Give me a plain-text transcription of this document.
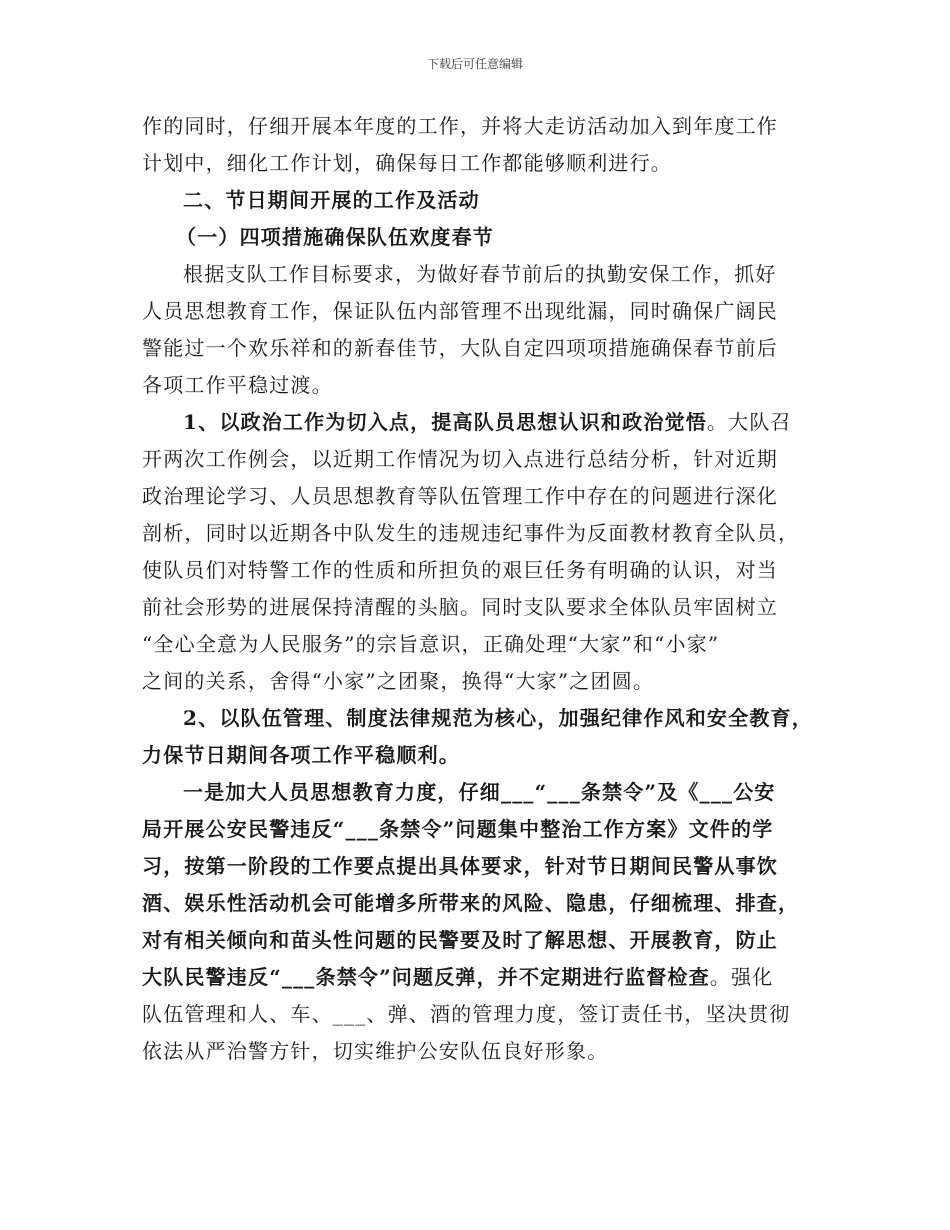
下载后可任意编辑

作的同时，仔细开展本年度的工作，并将大走访活动加入到年度工作
计划中，细化工作计划，确保每日工作都能够顺利进行。

二、节日期间开展的工作及活动

（一）四项措施确保队伍欢度春节

根据支队工作目标要求，为做好春节前后的执勤安保工作，抓好
人员思想教育工作，保证队伍内部管理不出现纰漏，同时确保广阔民
警能过一个欢乐祥和的新春佳节，大队自定四项项措施确保春节前后
各项工作平稳过渡。

1、以政治工作为切入点，提高队员思想认识和政治觉悟。大队召
开两次工作例会，以近期工作情况为切入点进行总结分析，针对近期
政治理论学习、人员思想教育等队伍管理工作中存在的问题进行深化
剖析，同时以近期各中队发生的违规违纪事件为反面教材教育全队员，
使队员们对特警工作的性质和所担负的艰巨任务有明确的认识，对当
前社会形势的进展保持清醒的头脑。同时支队要求全体队员牢固树立
“全心全意为人民服务”的宗旨意识，正确处理“大家”和“小家”
之间的关系，舍得“小家”之团聚，换得“大家”之团圆。

2、以队伍管理、制度法律规范为核心，加强纪律作风和安全教育，
力保节日期间各项工作平稳顺利。

一是加大人员思想教育力度，仔细___“___条禁令”及《___公安
局开展公安民警违反“___条禁令”问题集中整治工作方案》文件的学
习，按第一阶段的工作要点提出具体要求，针对节日期间民警从事饮
酒、娱乐性活动机会可能增多所带来的风险、隐患，仔细梳理、排查，
对有相关倾向和苗头性问题的民警要及时了解思想、开展教育，防止
大队民警违反“___条禁令”问题反弹，并不定期进行监督检查。强化
队伍管理和人、车、___、弹、酒的管理力度，签订责任书，坚决贯彻
依法从严治警方针，切实维护公安队伍良好形象。
